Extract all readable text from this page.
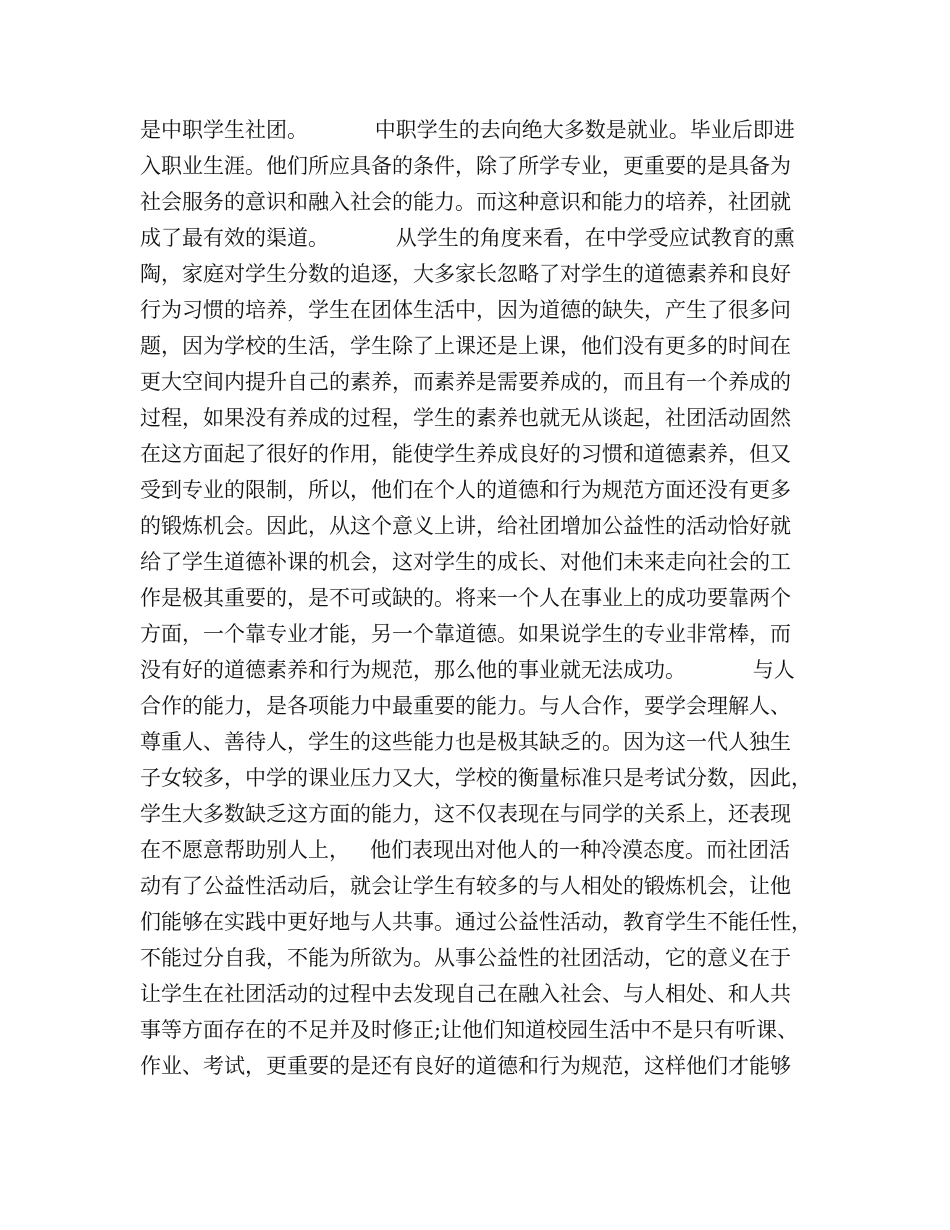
是中职学生社团。          中职学生的去向绝大多数是就业。毕业后即进
入职业生涯。他们所应具备的条件，除了所学专业，更重要的是具备为
社会服务的意识和融入社会的能力。而这种意识和能力的培养，社团就
成了最有效的渠道。          从学生的角度来看，在中学受应试教育的熏
陶，家庭对学生分数的追逐，大多家长忽略了对学生的道德素养和良好
行为习惯的培养，学生在团体生活中，因为道德的缺失，产生了很多问
题，因为学校的生活，学生除了上课还是上课，他们没有更多的时间在
更大空间内提升自己的素养，而素养是需要养成的，而且有一个养成的
过程，如果没有养成的过程，学生的素养也就无从谈起，社团活动固然
在这方面起了很好的作用，能使学生养成良好的习惯和道德素养，但又
受到专业的限制，所以，他们在个人的道德和行为规范方面还没有更多
的锻炼机会。因此，从这个意义上讲，给社团增加公益性的活动恰好就
给了学生道德补课的机会，这对学生的成长、对他们未来走向社会的工
作是极其重要的，是不可或缺的。将来一个人在事业上的成功要靠两个
方面，一个靠专业才能，另一个靠道德。如果说学生的专业非常棒，而
没有好的道德素养和行为规范，那么他的事业就无法成功。          与人
合作的能力，是各项能力中最重要的能力。与人合作，要学会理解人、
尊重人、善待人，学生的这些能力也是极其缺乏的。因为这一代人独生
子女较多，中学的课业压力又大，学校的衡量标准只是考试分数，因此，
学生大多数缺乏这方面的能力，这不仅表现在与同学的关系上，还表现
在不愿意帮助别人上，   他们表现出对他人的一种冷漠态度。而社团活
动有了公益性活动后，就会让学生有较多的与人相处的锻炼机会，让他
们能够在实践中更好地与人共事。通过公益性活动，教育学生不能任性，
不能过分自我，不能为所欲为。从事公益性的社团活动，它的意义在于
让学生在社团活动的过程中去发现自己在融入社会、与人相处、和人共
事等方面存在的不足并及时修正;让他们知道校园生活中不是只有听课、
作业、考试，更重要的是还有良好的道德和行为规范，这样他们才能够
